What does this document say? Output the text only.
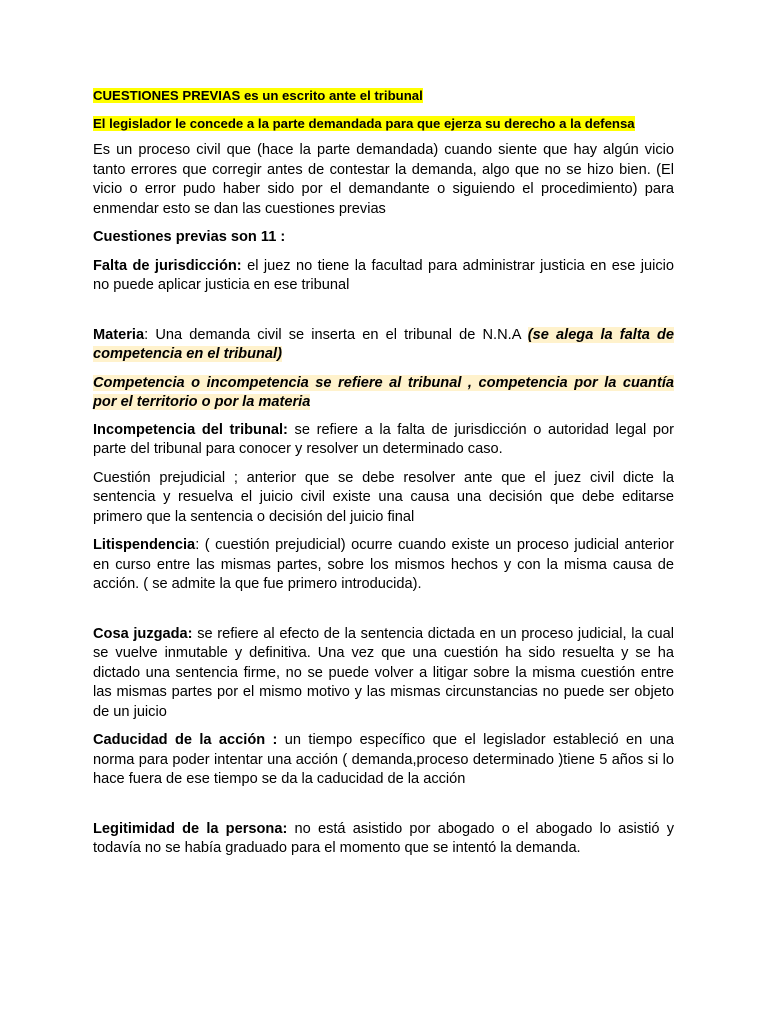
CUESTIONES PREVIAS es un escrito ante el tribunal

El legislador le concede a la parte demandada para que ejerza su derecho a la defensa

Es un proceso civil que (hace la parte demandada) cuando siente que hay algún vicio tanto errores que corregir antes de contestar la demanda, algo que no se hizo bien. (El vicio o error pudo haber sido por el demandante o siguiendo el procedimiento) para enmendar esto se dan las cuestiones previas

Cuestiones previas son 11 :

Falta de jurisdicción: el juez no tiene la facultad para administrar justicia en ese juicio no puede aplicar justicia en ese tribunal

Materia: Una demanda civil se inserta en el tribunal de N.N.A (se alega la falta de competencia en el tribunal)

Competencia o incompetencia se refiere al tribunal , competencia por la cuantía por el territorio o por la materia

Incompetencia del tribunal: se refiere a la falta de jurisdicción o autoridad legal por parte del tribunal para conocer y resolver un determinado caso.

Cuestión prejudicial ; anterior que se debe resolver ante que el juez civil dicte la sentencia y resuelva el juicio civil existe una causa una decisión que debe editarse primero que la sentencia o decisión del juicio final

Litispendencia: ( cuestión prejudicial) ocurre cuando existe un proceso judicial anterior en curso entre las mismas partes, sobre los mismos hechos y con la misma causa de acción. ( se admite la que fue primero introducida).

Cosa juzgada: se refiere al efecto de la sentencia dictada en un proceso judicial, la cual se vuelve inmutable y definitiva. Una vez que una cuestión ha sido resuelta y se ha dictado una sentencia firme, no se puede volver a litigar sobre la misma cuestión entre las mismas partes por el mismo motivo y las mismas circunstancias no puede ser objeto de un juicio

Caducidad de la acción : un tiempo específico que el legislador estableció en una norma para poder intentar una acción ( demanda,proceso determinado )tiene 5 años si lo hace fuera de ese tiempo se da la caducidad de la acción

Legitimidad de la persona: no está asistido por abogado o el abogado lo asistió y todavía no se había graduado para el momento que se intentó la demanda.
